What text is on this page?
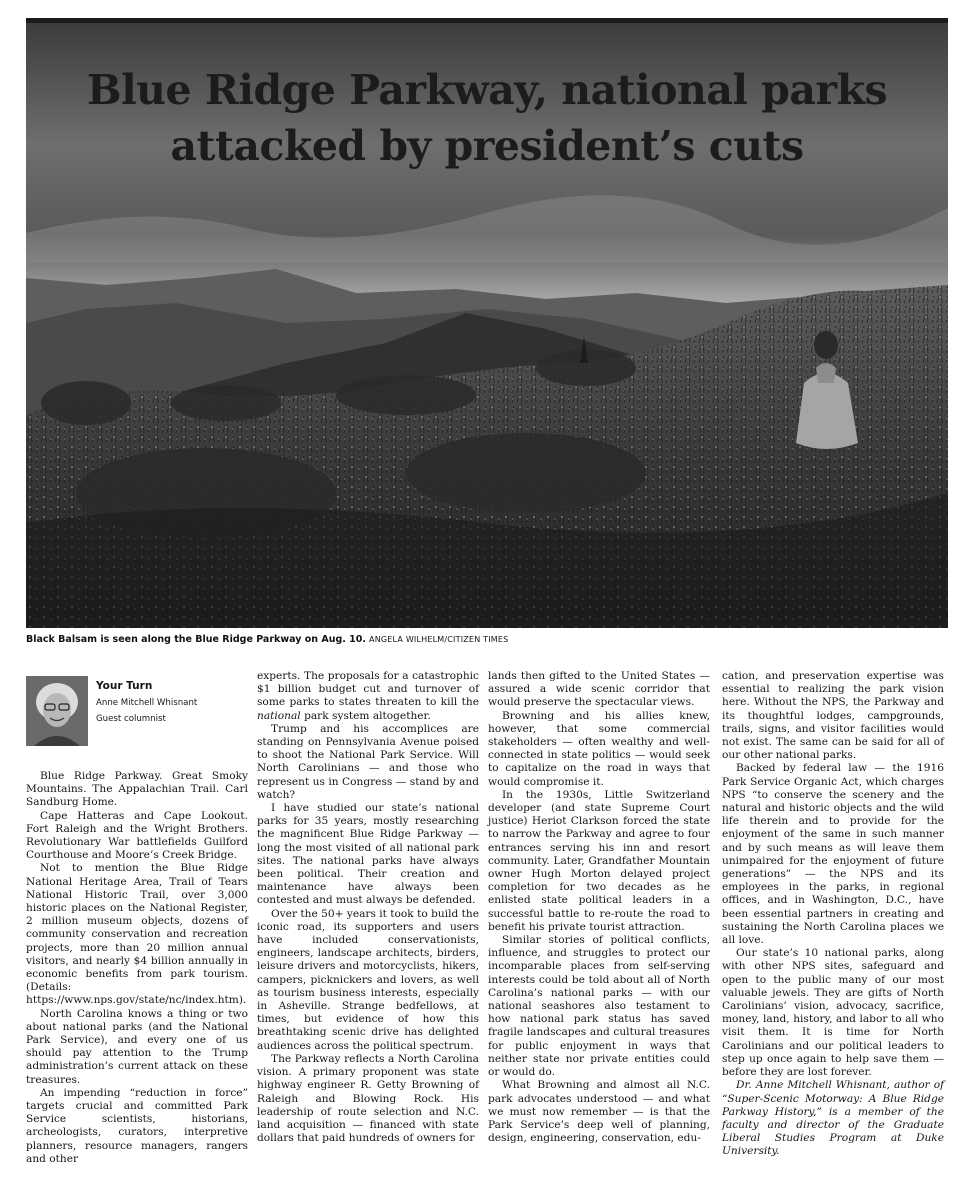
Blue Ridge Parkway, national parks attacked by president’s cuts
Black Balsam is seen along the Blue Ridge Parkway on Aug. 10. ANGELA WILHELM/CITIZEN TIMES
Your Turn
Anne Mitchell Whisnant
Guest columnist

Blue Ridge Parkway. Great Smoky Mountains. The Appalachian Trail. Carl Sandburg Home.

Cape Hatteras and Cape Lookout. Fort Raleigh and the Wright Brothers. Revolutionary War battlefields Guilford Courthouse and Moore’s Creek Bridge.

Not to mention the Blue Ridge National Heritage Area, Trail of Tears National Historic Trail, over 3,000 historic places on the National Register, 2 million museum objects, dozens of community conservation and recreation projects, more than 20 million annual visitors, and nearly $4 billion annually in economic benefits from park tourism. (Details: https://www.nps.gov/state/nc/index.htm).

North Carolina knows a thing or two about national parks (and the National Park Service), and every one of us should pay attention to the Trump administration’s current attack on these treasures.

An impending “reduction in force” targets crucial and committed Park Service scientists, historians, archeologists, curators, interpretive planners, resource managers, rangers and other

experts. The proposals for a catastrophic $1 billion budget cut and turnover of some parks to states threaten to kill the national park system altogether.

Trump and his accomplices are standing on Pennsylvania Avenue poised to shoot the National Park Service. Will North Carolinians — and those who represent us in Congress — stand by and watch?

I have studied our state’s national parks for 35 years, mostly researching the magnificent Blue Ridge Parkway — long the most visited of all national park sites. The national parks have always been political. Their creation and maintenance have always been contested and must always be defended.

Over the 50+ years it took to build the iconic road, its supporters and users have included conservationists, engineers, landscape architects, birders, leisure drivers and motorcyclists, hikers, campers, picknickers and lovers, as well as tourism business interests, especially in Asheville. Strange bedfellows, at times, but evidence of how this breathtaking scenic drive has delighted audiences across the political spectrum.

The Parkway reflects a North Carolina vision. A primary proponent was state highway engineer R. Getty Browning of Raleigh and Blowing Rock. His leadership of route selection and N.C. land acquisition — financed with state dollars that paid hundreds of owners for

lands then gifted to the United States — assured a wide scenic corridor that would preserve the spectacular views.

Browning and his allies knew, however, that some commercial stakeholders — often wealthy and well-connected in state politics — would seek to capitalize on the road in ways that would compromise it.

In the 1930s, Little Switzerland developer (and state Supreme Court justice) Heriot Clarkson forced the state to narrow the Parkway and agree to four entrances serving his inn and resort community. Later, Grandfather Mountain owner Hugh Morton delayed project completion for two decades as he enlisted state political leaders in a successful battle to re-route the road to benefit his private tourist attraction.

Similar stories of political conflicts, influence, and struggles to protect our incomparable places from self-serving interests could be told about all of North Carolina’s national parks — with our national seashores also testament to how national park status has saved fragile landscapes and cultural treasures for public enjoyment in ways that neither state nor private entities could or would do.

What Browning and almost all N.C. park advocates understood — and what we must now remember — is that the Park Service’s deep well of planning, design, engineering, conservation, edu-

cation, and preservation expertise was essential to realizing the park vision here. Without the NPS, the Parkway and its thoughtful lodges, campgrounds, trails, signs, and visitor facilities would not exist. The same can be said for all of our other national parks.

Backed by federal law — the 1916 Park Service Organic Act, which charges NPS “to conserve the scenery and the natural and historic objects and the wild life therein and to provide for the enjoyment of the same in such manner and by such means as will leave them unimpaired for the enjoyment of future generations” — the NPS and its employees in the parks, in regional offices, and in Washington, D.C., have been essential partners in creating and sustaining the North Carolina places we all love.

Our state’s 10 national parks, along with other NPS sites, safeguard and open to the public many of our most valuable jewels. They are gifts of North Carolinians’ vision, advocacy, sacrifice, money, land, history, and labor to all who visit them. It is time for North Carolinians and our political leaders to step up once again to help save them — before they are lost forever.

Dr. Anne Mitchell Whisnant, author of “Super-Scenic Motorway: A Blue Ridge Parkway History,” is a member of the faculty and director of the Graduate Liberal Studies Program at Duke University.
